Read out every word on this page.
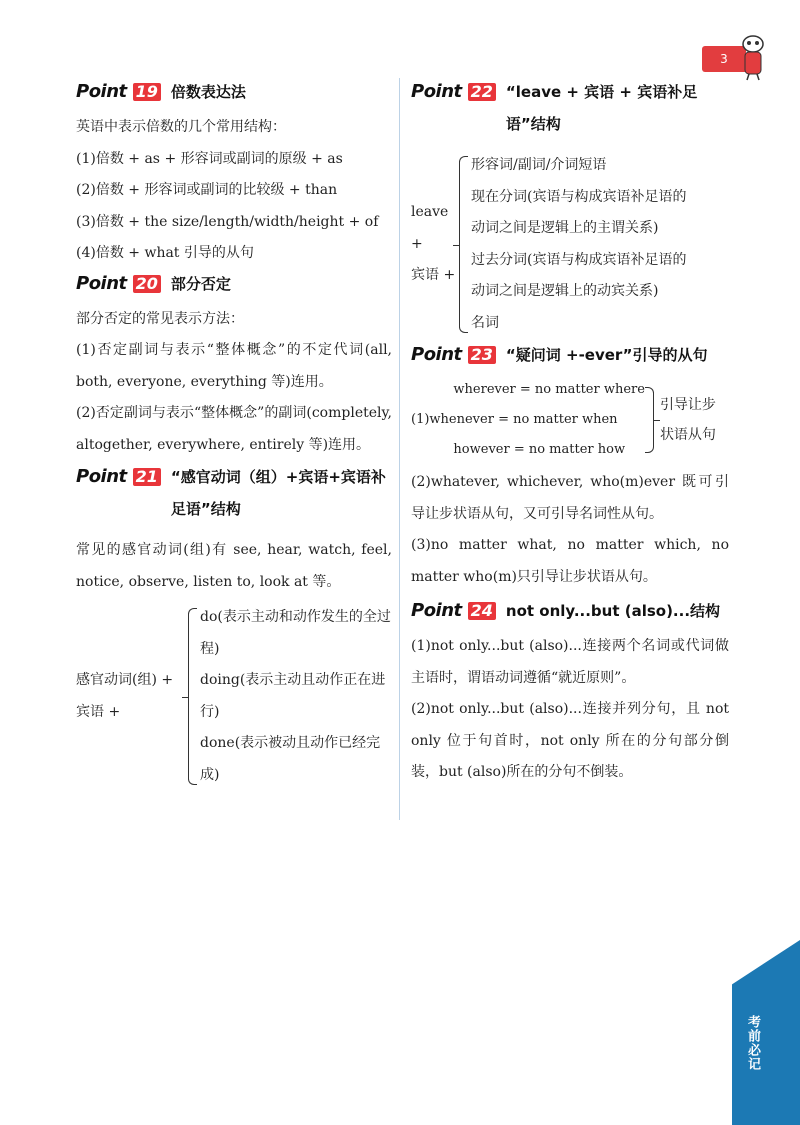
3
Point 19 倍数表达法

英语中表示倍数的几个常用结构：

(1)倍数 + as + 形容词或副词的原级 + as

(2)倍数 + 形容词或副词的比较级 + than

(3)倍数 + the size/length/width/height + of

(4)倍数 + what 引导的从句

Point 20 部分否定

部分否定的常见表示方法：

(1)否定副词与表示“整体概念”的不定代词(all, both, everyone, everything 等)连用。

(2)否定副词与表示“整体概念”的副词(completely, altogether, everywhere, entirely 等)连用。

Point 21 “感官动词（组）+宾语+宾语补足语”结构

常见的感官动词(组)有 see, hear, watch, feel, notice, observe, listen to, look at 等。

感官动词(组) +
宾语 +

do(表示主动和动作发生的全过程)

doing(表示主动且动作正在进行)

done(表示被动且动作已经完成)

Point 22 “leave + 宾语 + 宾语补足语”结构
leave +
宾语 +

形容词/副词/介词短语

现在分词(宾语与构成宾语补足语的动词之间是逻辑上的主谓关系)

过去分词(宾语与构成宾语补足语的动词之间是逻辑上的动宾关系)

名词

Point 23 “疑问词 +-ever”引导的从句
(1)
wherever = no matter where
whenever = no matter when
however = no matter how
引导让步
状语从句

(2)whatever, whichever, who(m)ever 既可引导让步状语从句，又可引导名词性从句。

(3)no matter what, no matter which, no matter who(m)只引导让步状语从句。

Point 24 not only...but (also)...结构

(1)not only...but (also)...连接两个名词或代词做主语时，谓语动词遵循“就近原则”。

(2)not only...but (also)...连接并列分句，且 not only 位于句首时，not only 所在的分句部分倒装，but (also)所在的分句不倒装。

考前必记
